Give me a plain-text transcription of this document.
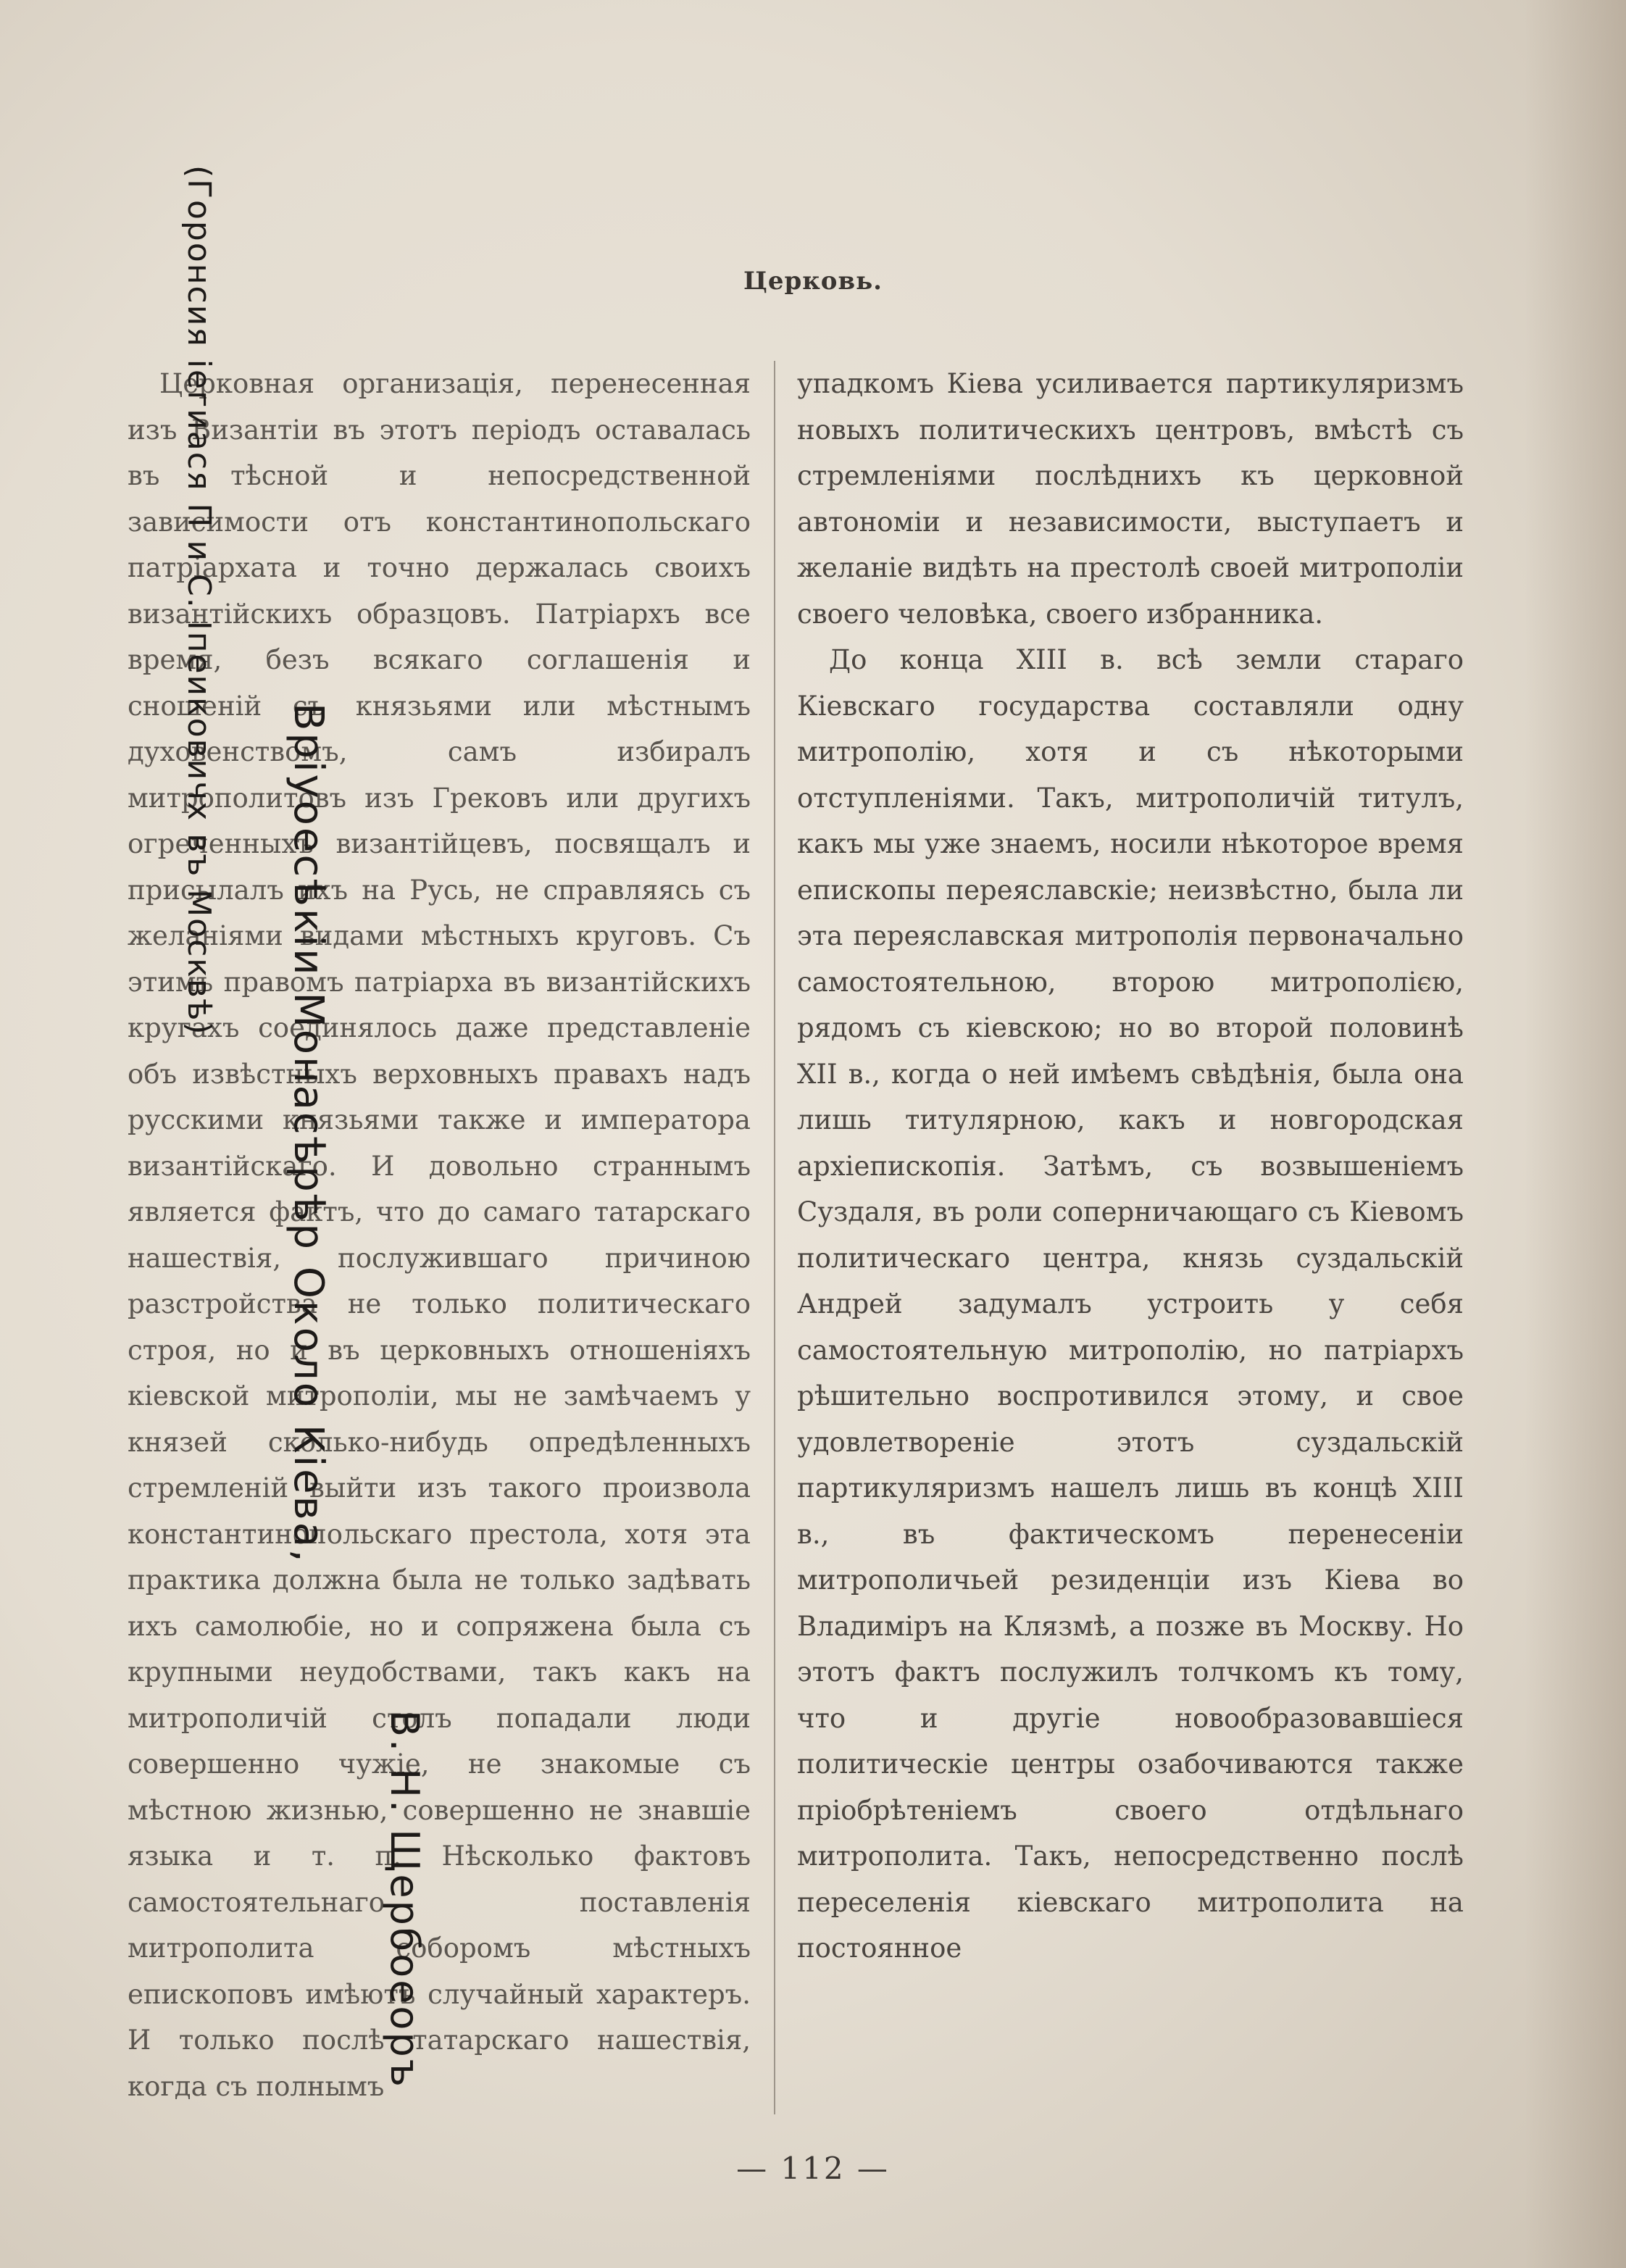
Церковь.

Церковная организація, перенесенная изъ Византіи въ этотъ періодъ оставалась въ тѣсной и непосредственной зависимости отъ константинопольскаго патріархата и точно держалась своихъ византійскихъ образцовъ. Патріархъ все время, безъ всякаго соглашенія и сношеній съ князьями или мѣстнымъ духовенствомъ, самъ избиралъ митрополитовъ изъ Грековъ или другихъ огреченныхъ византійцевъ, посвящалъ и присылалъ ихъ на Русь, не справляясь съ желаніями видами мѣстныхъ круговъ. Съ этимъ правомъ патріарха въ византійскихъ кругахъ соединялось даже представленіе объ извѣстныхъ верховныхъ правахъ надъ русскими князьями также и императора византійскаго. И довольно страннымъ является фактъ, что до самаго татарскаго нашествія, послужившаго причиною разстройства не только политическаго строя, но и въ церковныхъ отношеніяхъ кіевской митрополіи, мы не замѣчаемъ у князей сколько-нибудь опредѣленныхъ стремленій выйти изъ такого произвола константинопольскаго престола, хотя эта практика должна была не только задѣвать ихъ самолюбіе, но и сопряжена была съ крупными неудобствами, такъ какъ на митрополичій столъ попадали люди совершенно чужіе, не знакомые съ мѣстною жизнью, совершенно не знавшіе языка и т. п. Нѣсколько фактовъ самостоятельнаго поставленія митрополита соборомъ мѣстныхъ епископовъ имѣютъ случайный характеръ. И только послѣ татарскаго нашествія, когда съ полнымъ

упадкомъ Кіева усиливается партикуляризмъ новыхъ политическихъ центровъ, вмѣстѣ съ стремленіями послѣднихъ къ церковной автономіи и независимости, выступаетъ и желаніе видѣть на престолѣ своей митрополіи своего человѣка, своего избранника.

До конца XIII в. всѣ земли стараго Кіевскаго государства составляли одну митрополію, хотя и съ нѣкоторыми отступленіями. Такъ, митрополичій титулъ, какъ мы уже знаемъ, носили нѣкоторое время епископы переяславскіе; неизвѣстно, была ли эта переяславская митрополія первоначально самостоятельною, второю митрополією, рядомъ съ кіевскою; но во второй половинѣ XII в., когда о ней имѣемъ свѣдѣнія, была она лишь титулярною, какъ и новгородская архіепископія. Затѣмъ, съ возвышеніемъ Суздаля, въ роли соперничающаго съ Кіевомъ политическаго центра, князь суздальскій Андрей задумалъ устроить у себя самостоятельную митрополію, но патріархъ рѣшительно воспротивился этому, и свое удовлетвореніе этотъ суздальскій партикуляризмъ нашелъ лишь въ концѣ XIII в., въ фактическомъ перенесеніи митрополичьей резиденціи изъ Кіева во Владиміръ на Клязмѣ, а позже въ Москву. Но этотъ фактъ послужилъ толчкомъ къ тому, что и другіе новообразовавшіеся политическіе центры озабочиваются также пріобрѣтеніемъ своего отдѣльнаго митрополита. Такъ, непосредственно послѣ переселенія кіевскаго митрополита на постоянное

— 112 —
(Горонсия іегиася П и С. Іпеиковичх въ Москвѣ)
Вріуоесѣкіи Монасѣрѣр Около Кіева,
В. Н. Щербоеоръ
